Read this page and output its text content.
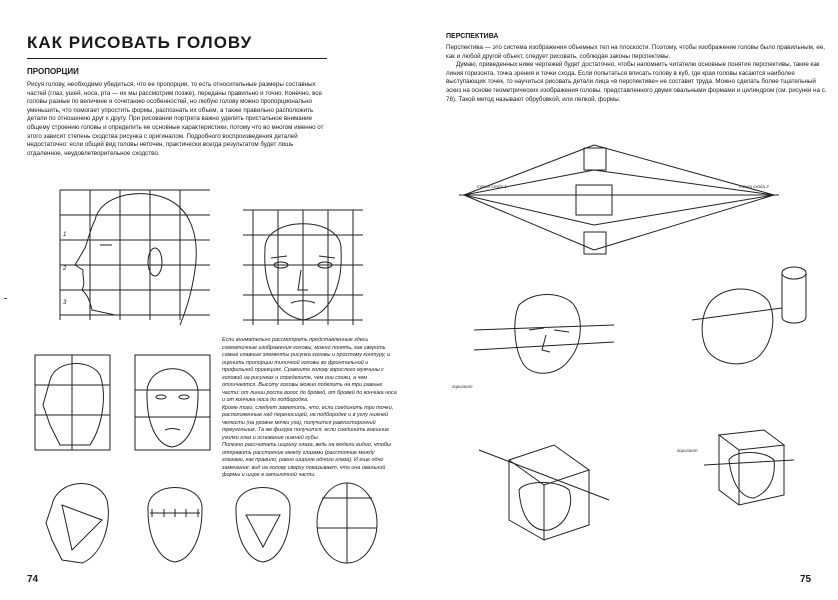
КАК РИСОВАТЬ ГОЛОВУ
ПРОПОРЦИИ

Рисуя голову, необходимо убедиться, что ее пропорции, то есть относительные размеры составных частей (глаз, ушей, носа, рта — их мы рассмотрим позже), переданы правильно и точно. Конечно, все головы разные по величине и сочетанию особенностей, но любую голову можно пропорционально уменьшить, что помогает упростить формы, распознать их объем, а также правильно расположить детали по отношению друг к другу. При рисовании портрета важно уделить пристальное внимание общему строению головы и определить ее основные характеристики, потому что во многом именно от этого зависит степень сходства рисунка с оригиналом. Подробного воспроизведения деталей недостаточно: если общий вид головы неточен, практически всегда результатом будет лишь отдаленное, неудовлетворительное сходство.

1
2
3

Если внимательно рассмотреть представленные здесь схематичные изображения головы, можно понять, как сверить самые главные элементы рисунка головы и простому контуру, и оценить пропорции типичной головы во фронтальной и профильной проекциях. Сравните голову взрослого мужчины с головой на рисунках и определите, чем они схожи, а чем отличаются. Высоту головы можно поделить на три равные части: от линии роста волос до бровей, от бровей до кончика носа и от кончика носа до подбородка.

Кроме того, следует заметить, что, если соединить три точки, расположенные над переносицей, на подбородке и в углу нижней челюсти (на уровне мочки уха), получится равносторонний треугольник. Та же фигура получится, если соединить внешние уголки глаз и основание нижней губы.

Полезно рассчитать ширину глаза, ведь на модели видно, чтобы отправить расстояние между глазами (расстояние между глазами, как правило, равно ширине одного глаза). И еще одно замечание: вид на голову сверху показывает, что она овальной формы и шире в затылочной части.

74
ПЕРСПЕКТИВА

Перспектива — это система изображения объемных тел на плоскости. Поэтому, чтобы изображение головы было правильным, ее, как и любой другой объект, следует рисовать, соблюдая законы перспективы.

Думаю, приведенных ниже чертежей будет достаточно, чтобы напомнить читателю основные понятия перспективы, такие как линия горизонта, точка зрения и точки схода. Если попытаться вписать голову в куб, где края головы касаются наиболее выступающих точек, то научиться рисовать детали лица «в перспективе» не составит труда. Можно сделать более тщательный эскиз на основе геометрических изображения головы, представленного двумя овальными формами и цилиндром (см. рисунки на с. 76). Такой метод называют обрубовкой, или лепкой, формы.

точка схода 1	точка схода 2
горизонт
горизонт
75
